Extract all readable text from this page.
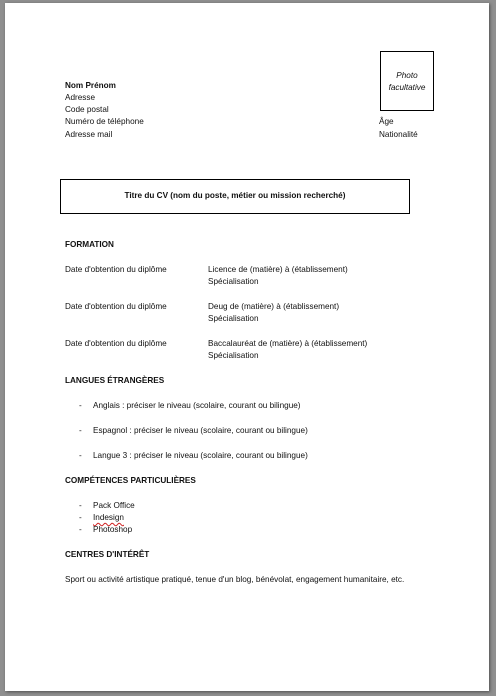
Nom Prénom
Adresse
Code postal
Numéro de téléphone
Adresse mail
Photo
facultative
Âge
Nationalité
Titre du CV (nom du poste, métier ou mission recherché)
FORMATION
Date d'obtention du diplôme	Licence de (matière) à (établissement)
Spécialisation
Date d'obtention du diplôme	Deug de (matière) à (établissement)
Spécialisation
Date d'obtention du diplôme	Baccalauréat de (matière) à (établissement)
Spécialisation
LANGUES ÉTRANGÈRES
- Anglais : préciser le niveau (scolaire, courant ou bilingue)
- Espagnol : préciser le niveau (scolaire, courant ou bilingue)
- Langue 3 : préciser le niveau (scolaire, courant ou bilingue)
COMPÉTENCES PARTICULIÈRES
- Pack Office
- Indesign
- Photoshop
CENTRES D'INTÉRÊT
Sport ou activité artistique pratiqué, tenue d'un blog, bénévolat, engagement humanitaire, etc.
